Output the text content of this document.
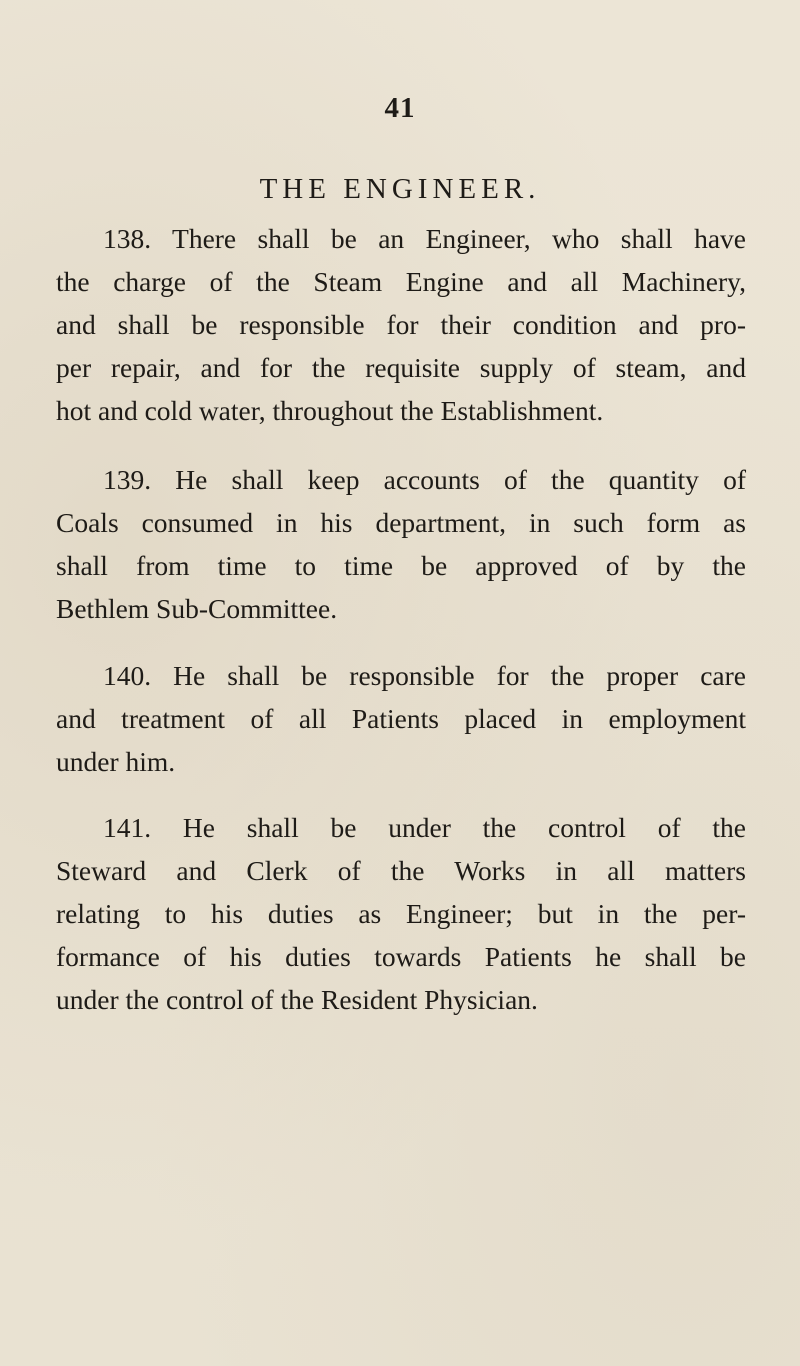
41
THE ENGINEER.
138. There shall be an Engineer, who shall have
the charge of the Steam Engine and all Machinery,
and shall be responsible for their condition and pro-
per repair, and for the requisite supply of steam, and
hot and cold water, throughout the Establishment.
139. He shall keep accounts of the quantity of
Coals consumed in his department, in such form as
shall from time to time be approved of by the
Bethlem Sub-Committee.
140. He shall be responsible for the proper care
and treatment of all Patients placed in employment
under him.
141. He shall be under the control of the
Steward and Clerk of the Works in all matters
relating to his duties as Engineer; but in the per-
formance of his duties towards Patients he shall be
under the control of the Resident Physician.
